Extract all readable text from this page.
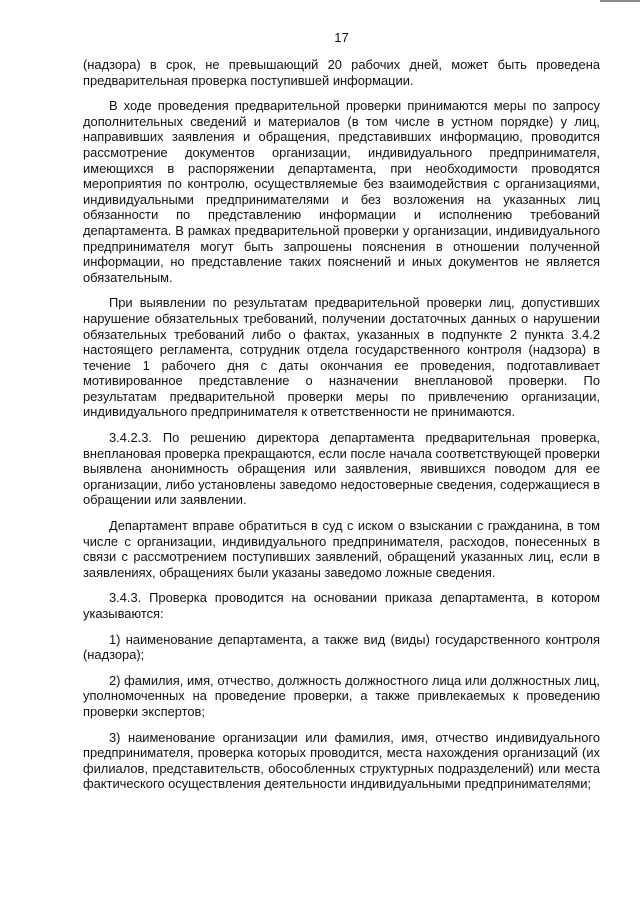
17

(надзора) в срок, не превышающий 20 рабочих дней, может быть проведена предварительная проверка поступившей информации.

В ходе проведения предварительной проверки принимаются меры по запросу дополнительных сведений и материалов (в том числе в устном порядке) у лиц, направивших заявления и обращения, представивших информацию, проводится рассмотрение документов организации, индивидуального предпринимателя, имеющихся в распоряжении департамента, при необходимости проводятся мероприятия по контролю, осуществляемые без взаимодействия с организациями, индивидуальными предпринимателями и без возложения на указанных лиц обязанности по представлению информации и исполнению требований департамента. В рамках предварительной проверки у организации, индивидуального предпринимателя могут быть запрошены пояснения в отношении полученной информации, но представление таких пояснений и иных документов не является обязательным.

При выявлении по результатам предварительной проверки лиц, допустивших нарушение обязательных требований, получении достаточных данных о нарушении обязательных требований либо о фактах, указанных в подпункте 2 пункта 3.4.2 настоящего регламента, сотрудник отдела государственного контроля (надзора) в течение 1 рабочего дня с даты окончания ее проведения, подготавливает мотивированное представление о назначении внеплановой проверки. По результатам предварительной проверки меры по привлечению организации, индивидуального предпринимателя к ответственности не принимаются.

3.4.2.3. По решению директора департамента предварительная проверка, внеплановая проверка прекращаются, если после начала соответствующей проверки выявлена анонимность обращения или заявления, явившихся поводом для ее организации, либо установлены заведомо недостоверные сведения, содержащиеся в обращении или заявлении.

Департамент вправе обратиться в суд с иском о взыскании с гражданина, в том числе с организации, индивидуального предпринимателя, расходов, понесенных в связи с рассмотрением поступивших заявлений, обращений указанных лиц, если в заявлениях, обращениях были указаны заведомо ложные сведения.

3.4.3. Проверка проводится на основании приказа департамента, в котором указываются:

1) наименование департамента, а также вид (виды) государственного контроля (надзора);

2) фамилия, имя, отчество, должность должностного лица или должностных лиц, уполномоченных на проведение проверки, а также привлекаемых к проведению проверки экспертов;

3) наименование организации или фамилия, имя, отчество индивидуального предпринимателя, проверка которых проводится, места нахождения организаций (их филиалов, представительств, обособленных структурных подразделений) или места фактического осуществления деятельности индивидуальными предпринимателями;
